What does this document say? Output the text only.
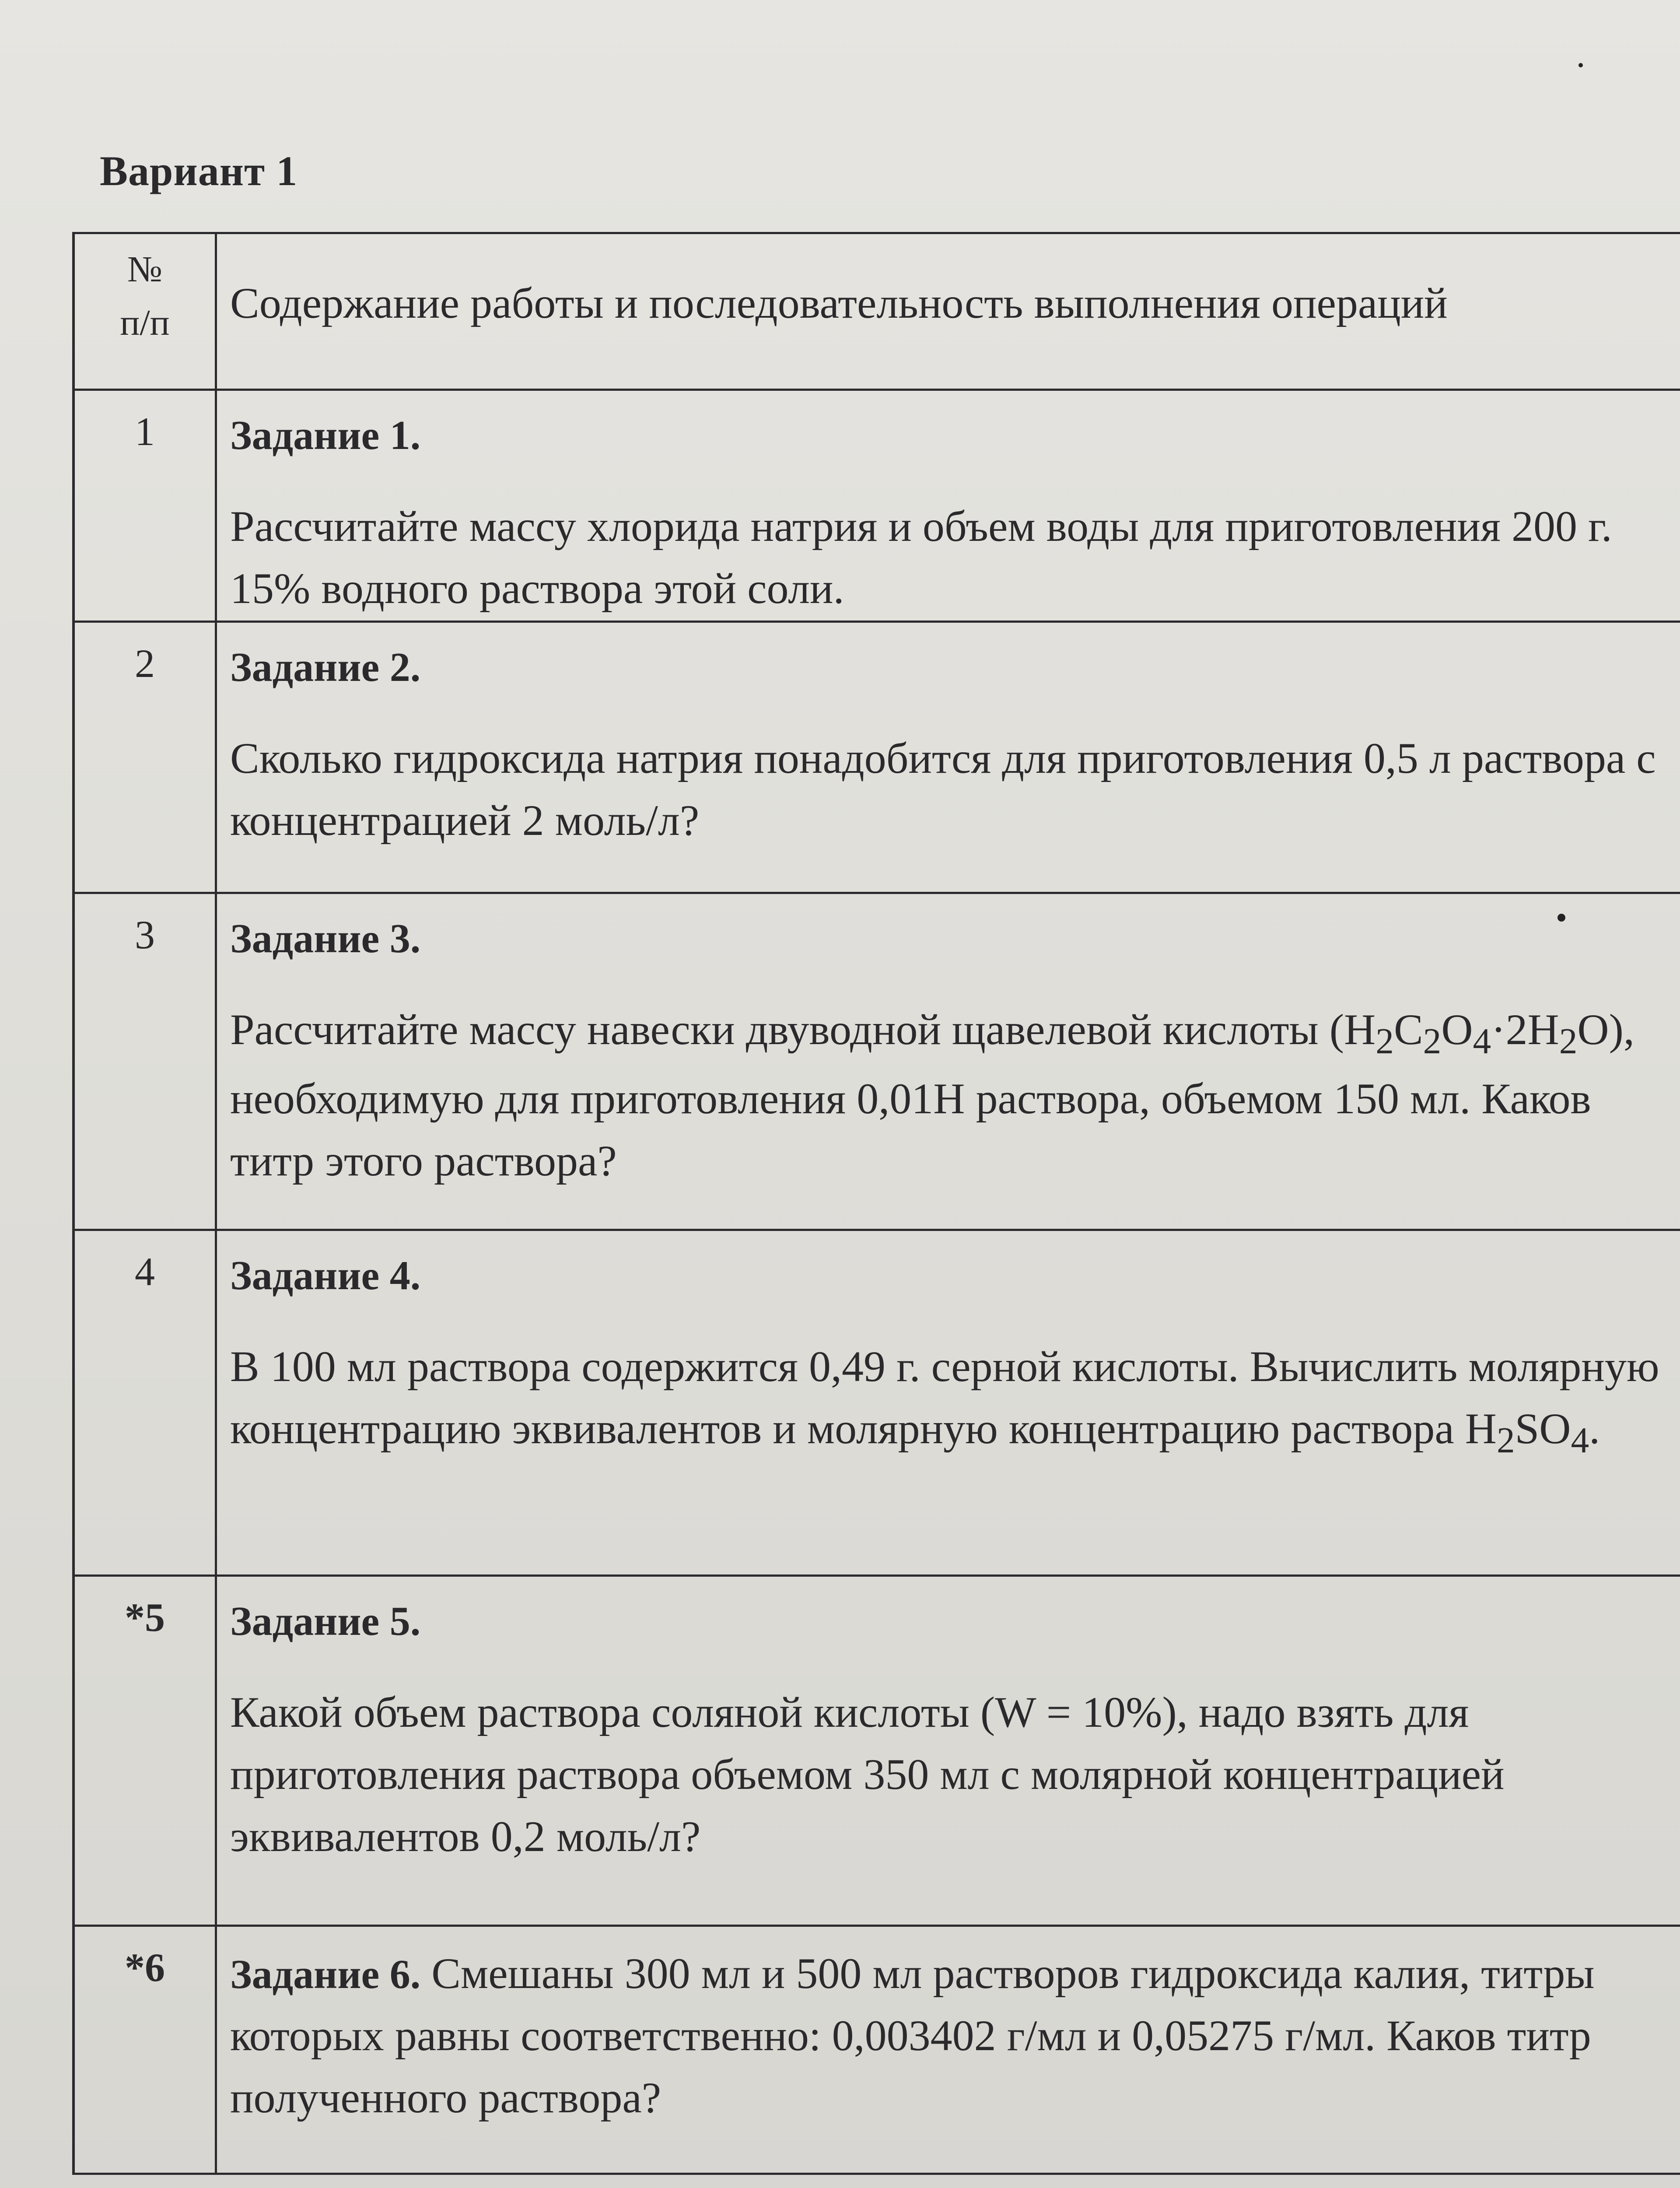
Вариант 1
№
п/п	Содержание работы и последовательность выполнения операций
1	Задание 1.
Рассчитайте массу хлорида натрия и объем воды для приготовления 200 г. 15% водного раствора этой соли.
2	Задание 2.
Сколько гидроксида натрия понадобится для приготовления 0,5 л раствора с концентрацией 2 моль/л?
3	Задание 3.
Рассчитайте массу навески двуводной щавелевой кислоты $(H_2C_2O_4\cdot 2H_2O)$, необходимую для приготовления 0,01Н раствора, объемом 150 мл. Каков титр этого раствора?
4	Задание 4.
В 100 мл раствора содержится 0,49 г. серной кислоты. Вычислить молярную концентрацию эквивалентов и молярную концентрацию раствора $H_2SO_4$.
*5	Задание 5.
Какой объем раствора соляной кислоты (W = 10%), надо взять для приготовления раствора объемом 350 мл с молярной концентрацией эквивалентов 0,2 моль/л?
*6	Задание 6. Смешаны 300 мл и 500 мл растворов гидроксида калия, титры которых равны соответственно: 0,003402 г/мл и 0,05275 г/мл. Каков титр полученного раствора?
